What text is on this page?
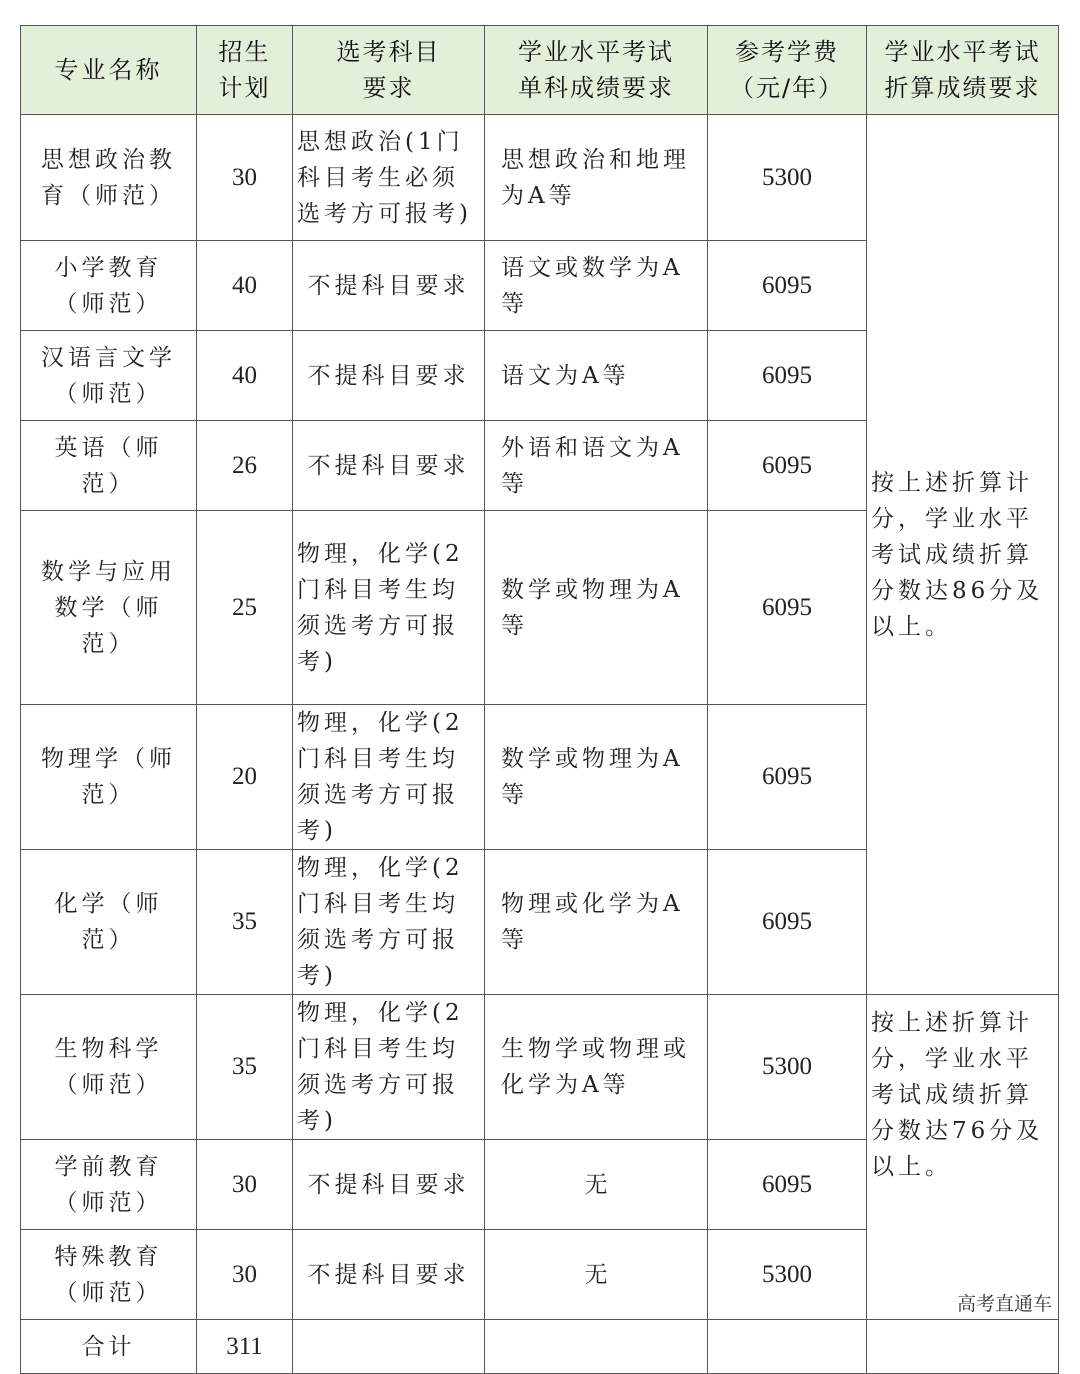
专业名称	招生计划	选考科目要求	学业水平考试单科成绩要求	参考学费（元/年）	学业水平考试折算成绩要求
思想政治教育（师范）	30	思想政治(1门科目考生必须选考方可报考)	思想政治和地理为A等	5300	按上述折算计分，学业水平考试成绩折算分数达86分及以上。
小学教育（师范）	40	不提科目要求	语文或数学为A等	6095	
汉语言文学（师范）	40	不提科目要求	语文为A等	6095	
英语（师范）	26	不提科目要求	外语和语文为A等	6095	
数学与应用数学（师范）	25	物理，化学(2门科目考生均须选考方可报考)	数学或物理为A等	6095	
物理学（师范）	20	物理，化学(2门科目考生均须选考方可报考)	数学或物理为A等	6095	
化学（师范）	35	物理，化学(2门科目考生均须选考方可报考)	物理或化学为A等	6095	
生物科学（师范）	35	物理，化学(2门科目考生均须选考方可报考)	生物学或物理或化学为A等	5300	按上述折算计分，学业水平考试成绩折算分数达76分及以上。
学前教育（师范）	30	不提科目要求	无	6095	
特殊教育（师范）	30	不提科目要求	无	5300	
合计	311				
高考直通车
